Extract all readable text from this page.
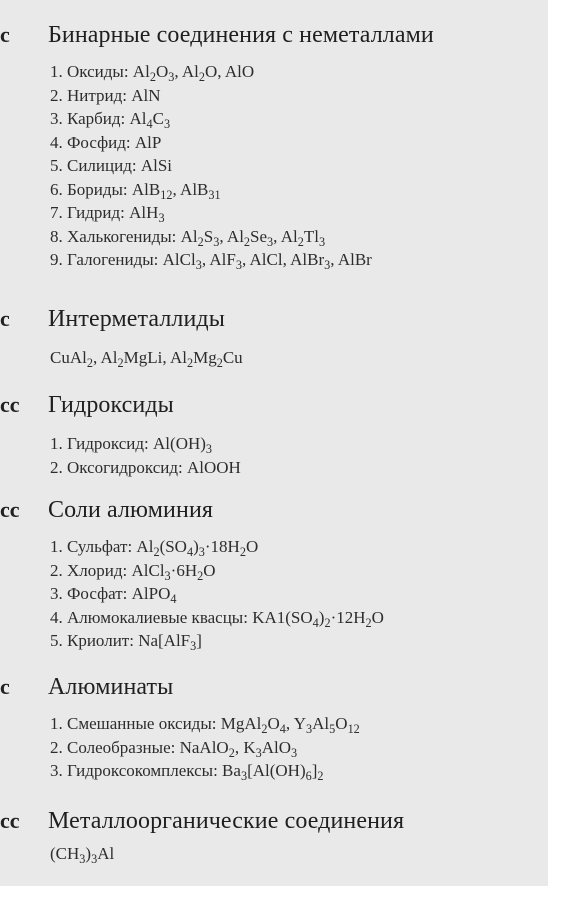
с	Бинарные соединения с неметаллами
1. Оксиды: $Al_2O_3$, $Al_2O$, AlO
2. Нитрид: AlN
3. Карбид: $Al_4C_3$
4. Фосфид: AlP
5. Силицид: AlSi
6. Бориды: AlB$_{12}$, AlB$_{31}$
7. Гидрид: AlH$_3$
8. Халькогениды: $Al_2S_3$, $Al_2Se_3$, $Al_2Tl_3$
9. Галогениды: AlCl$_3$, AlF$_3$, AlCl, AlBr$_3$, AlBr
с	Интерметаллиды
CuAl$_2$, $Al_2MgLi$, $Al_2Mg_2Cu$
сс	Гидроксиды
1. Гидроксид: $Al(OH)_3$
2. Оксогидроксид: AlOOH
сс	Соли алюминия
1. Сульфат: $Al_2(SO_4)_3\cdot 18H_2O$
2. Хлорид: $AlCl_3\cdot 6H_2O$
3. Фосфат: AlPO$_4$
4. Алюмокалиевые квасцы: $KA1(SO_4)_2\cdot 12H_2O$
5. Криолит: Na[AlF$_3$]
с	Алюминаты
1. Смешанные оксиды: $MgAl_2O_4$, $Y_3Al_5O_{12}$
2. Солеобразные: NaAlO$_2$, $K_3AlO_3$
3. Гидроксокомплексы: $Ba_3[Al(OH)_6]_2$
сс	Металлоорганические соединения
$(CH_3)_3Al$
